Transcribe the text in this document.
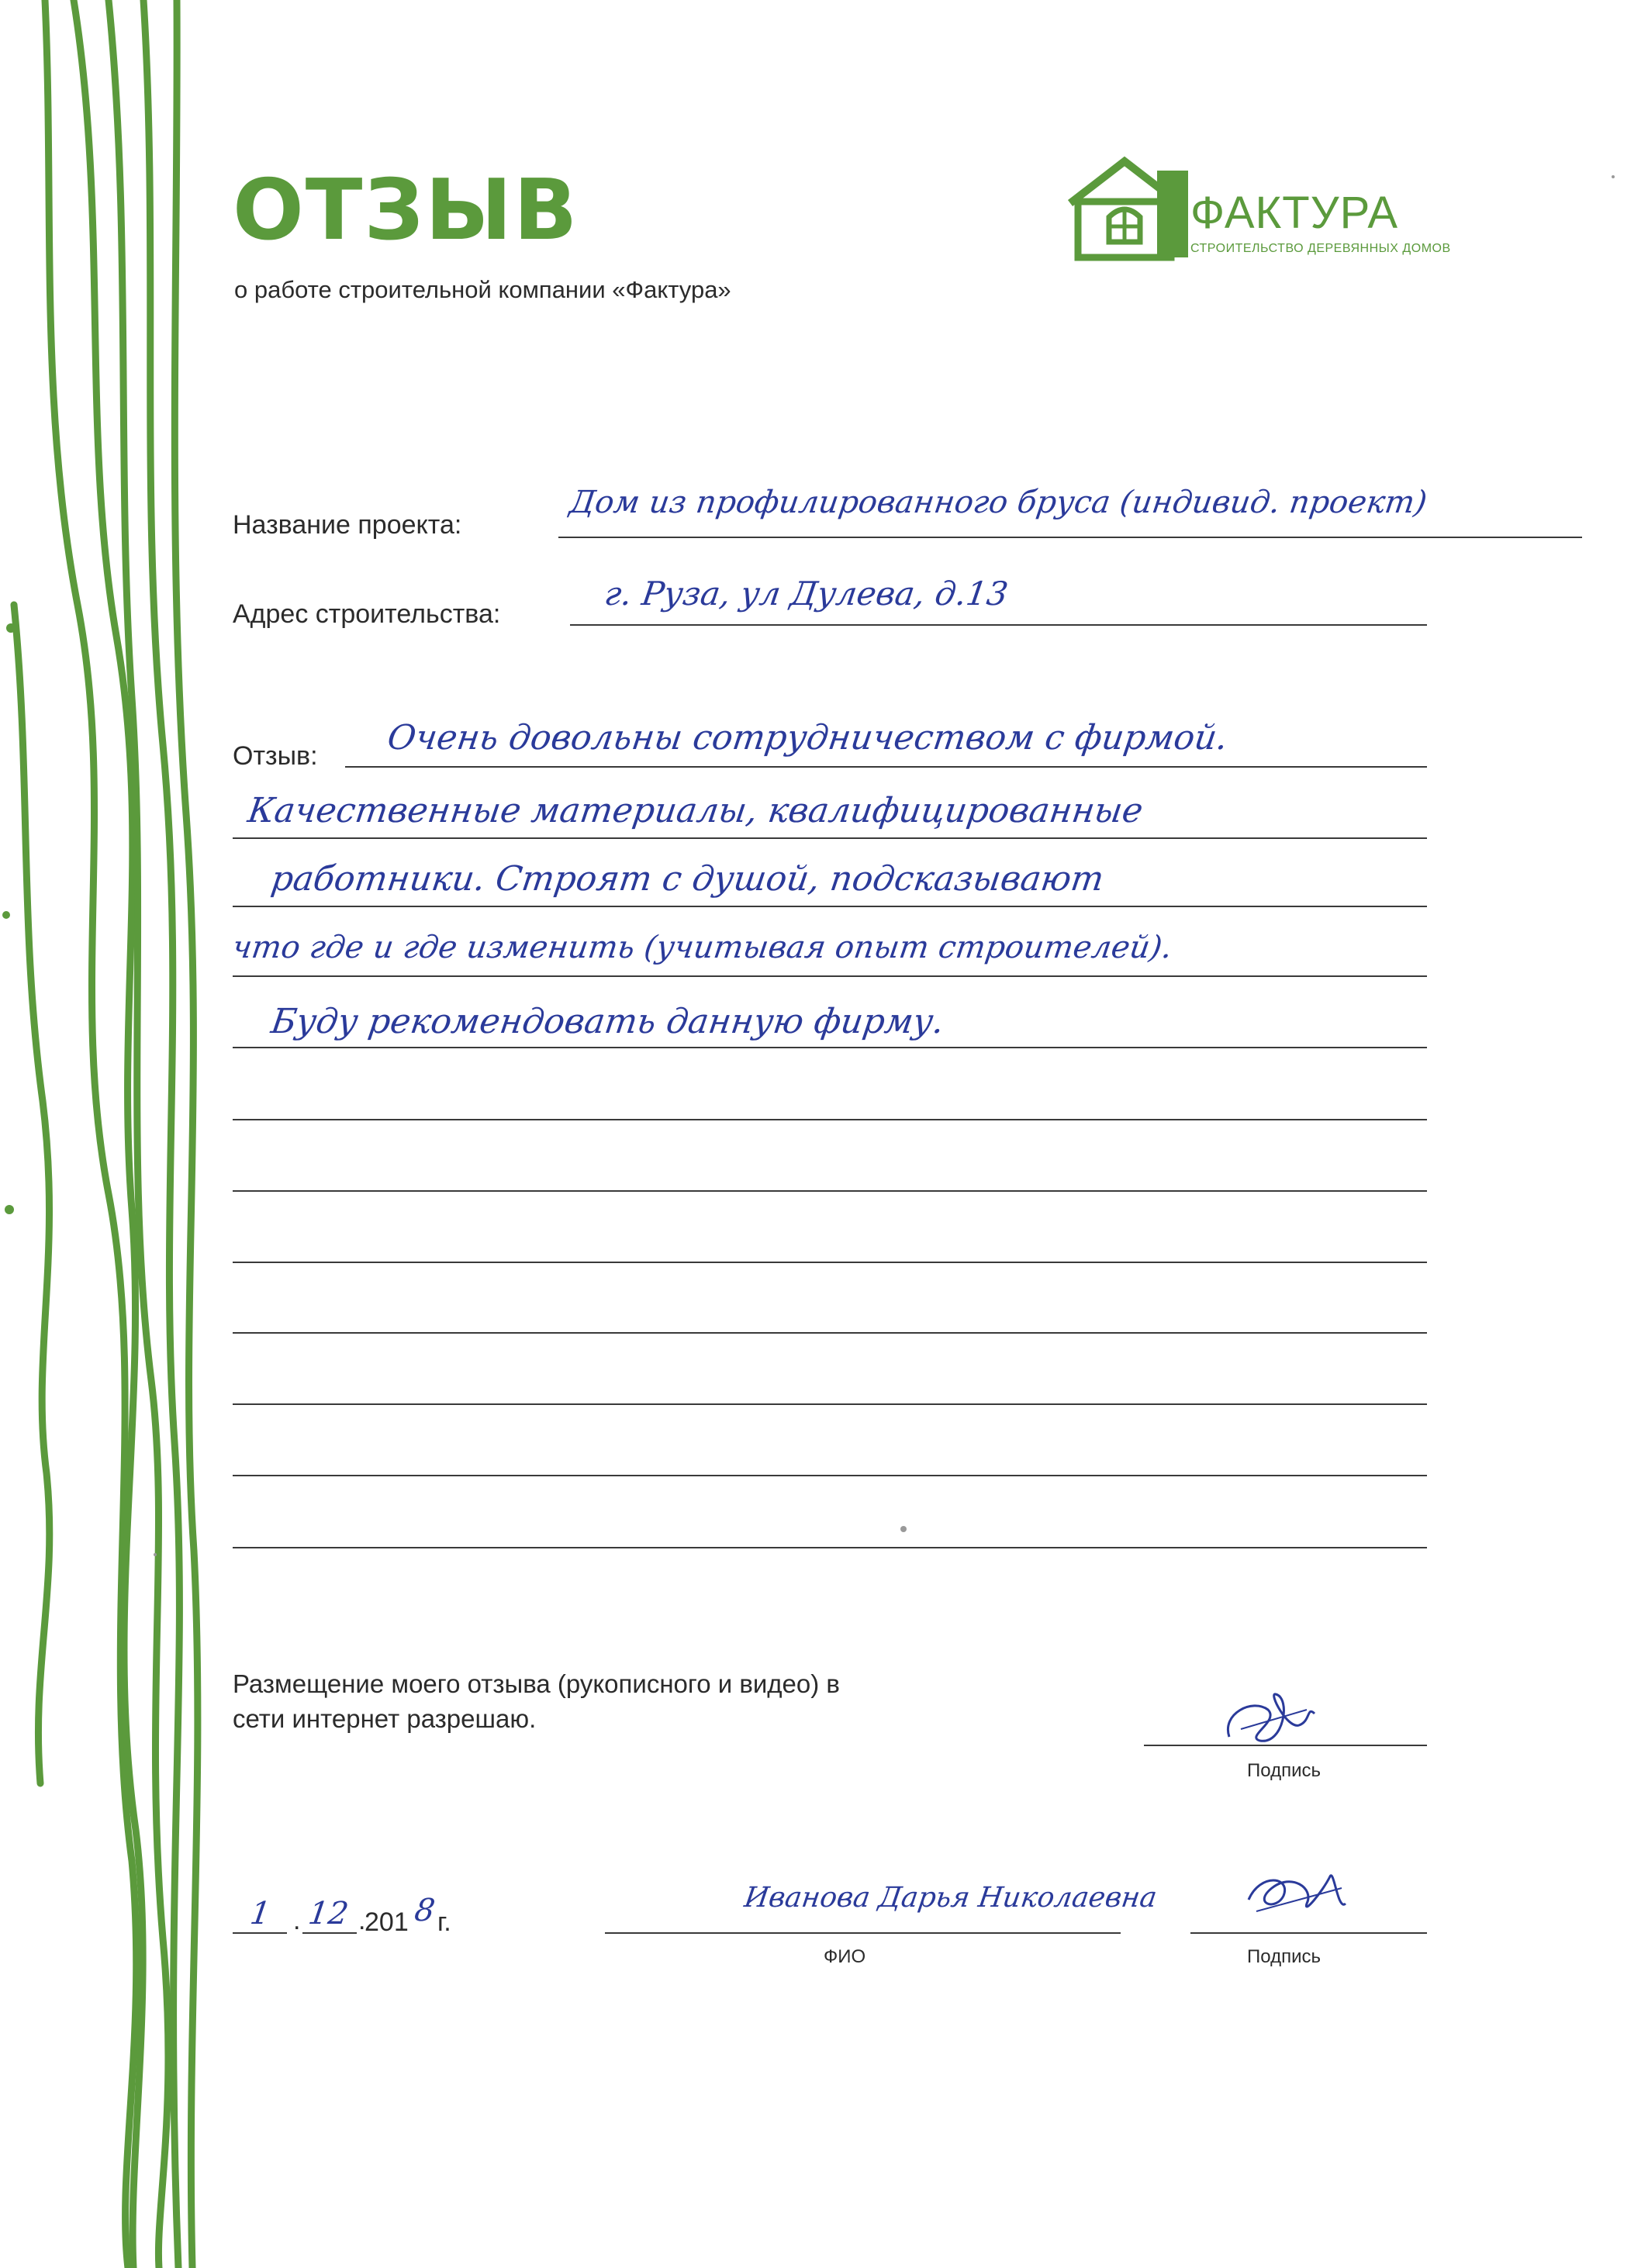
ОТЗЫВ
о работе строительной компании «Фактура»
ФАКТУРА
СТРОИТЕЛЬСТВО ДЕРЕВЯННЫХ ДОМОВ
Название проекта:
Дом из профилированного бруса (индивид. проект)
Адрес строительства:
г. Руза, ул Дулева, д.13
Отзыв: Очень довольны сотрудничеством с фирмой.
Качественные материалы, квалифицированные
работники. Строят с душой, подсказывают
что где и где изменить (учитывая опыт строителей).
Буду рекомендовать данную фирму.
Размещение моего отзыва (рукописного и видео) в
сети интернет разрешаю.
Подпись
1 . 12 .
201 8 г.
Иванова Дарья Николаевна
ФИО	Подпись
